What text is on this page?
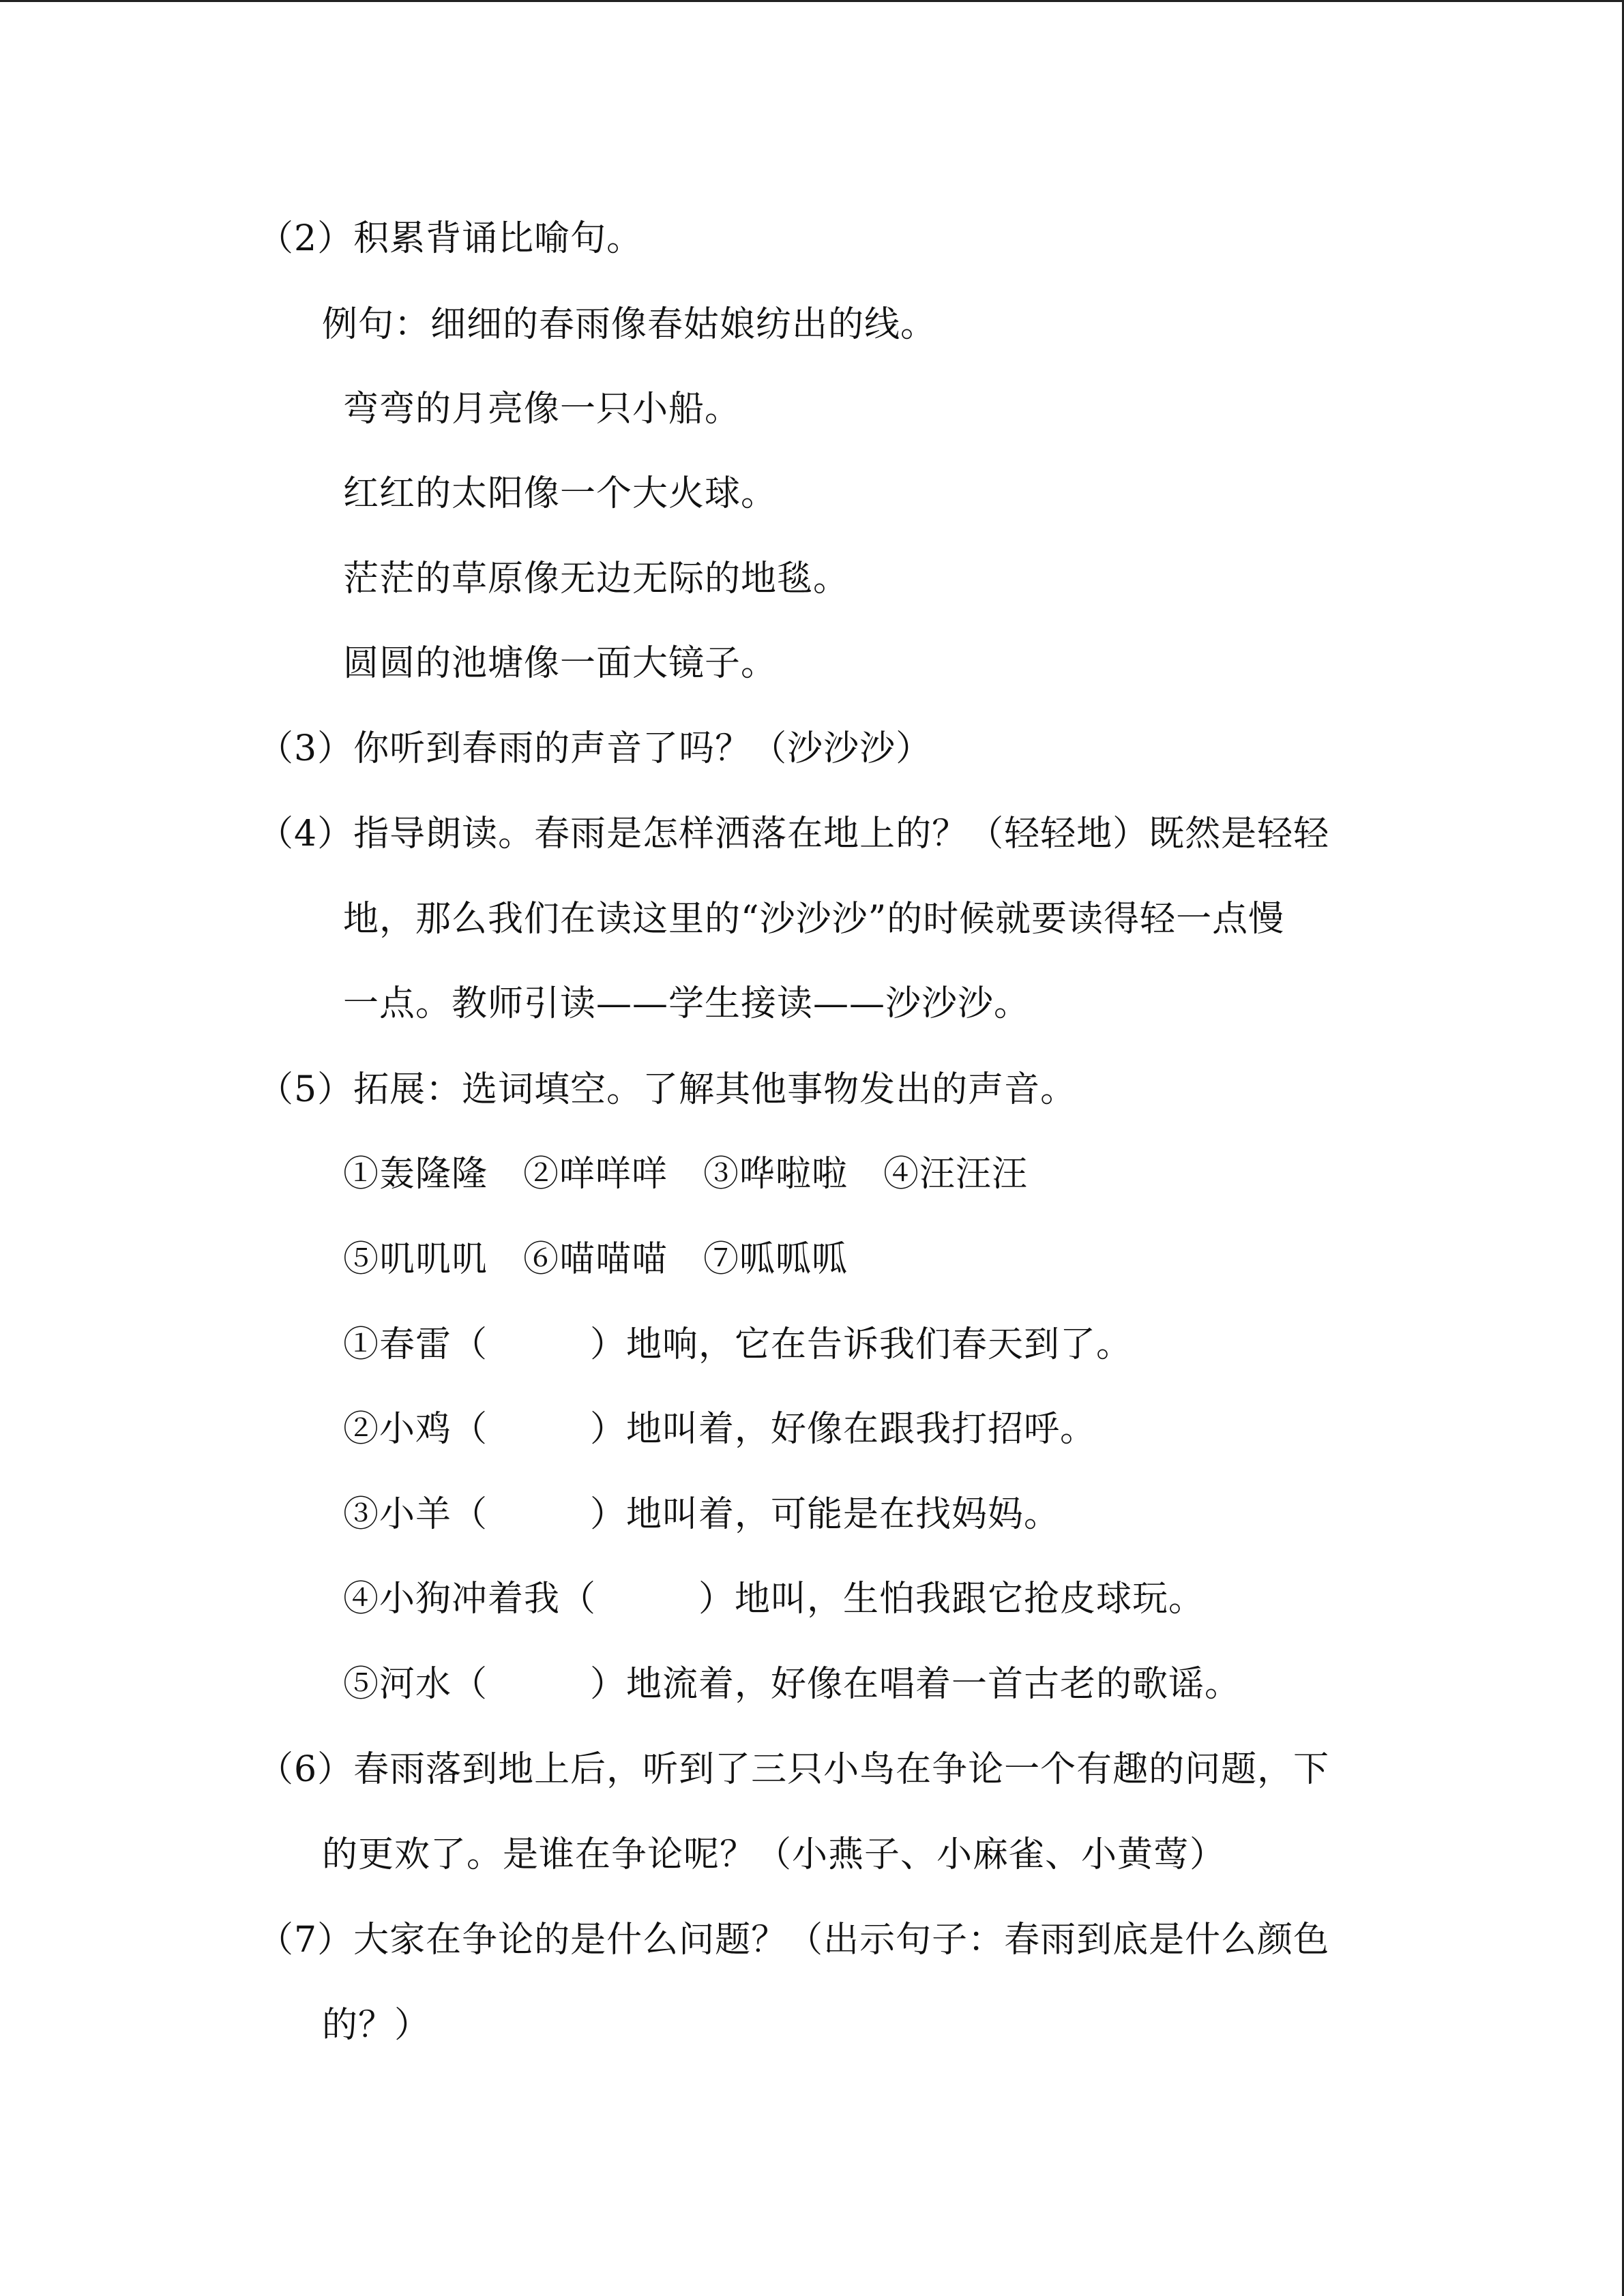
（2）积累背诵比喻句。
例句：细细的春雨像春姑娘纺出的线。
弯弯的月亮像一只小船。
红红的太阳像一个大火球。
茫茫的草原像无边无际的地毯。
圆圆的池塘像一面大镜子。
（3）你听到春雨的声音了吗？（沙沙沙）
（4）指导朗读。春雨是怎样洒落在地上的？（轻轻地）既然是轻轻
地，那么我们在读这里的“沙沙沙”的时候就要读得轻一点慢
一点。教师引读——学生接读——沙沙沙。
（5）拓展：选词填空。了解其他事物发出的声音。
①轰隆隆 ②咩咩咩 ③哗啦啦 ④汪汪汪
⑤叽叽叽 ⑥喵喵喵 ⑦呱呱呱
①春雷（	）地响，它在告诉我们春天到了。
②小鸡（	）地叫着，好像在跟我打招呼。
③小羊（	）地叫着，可能是在找妈妈。
④小狗冲着我（	）地叫，生怕我跟它抢皮球玩。
⑤河水（	）地流着，好像在唱着一首古老的歌谣。
（6）春雨落到地上后，听到了三只小鸟在争论一个有趣的问题，下
的更欢了。是谁在争论呢？（小燕子、小麻雀、小黄莺）
（7）大家在争论的是什么问题？（出示句子：春雨到底是什么颜色
的？）
